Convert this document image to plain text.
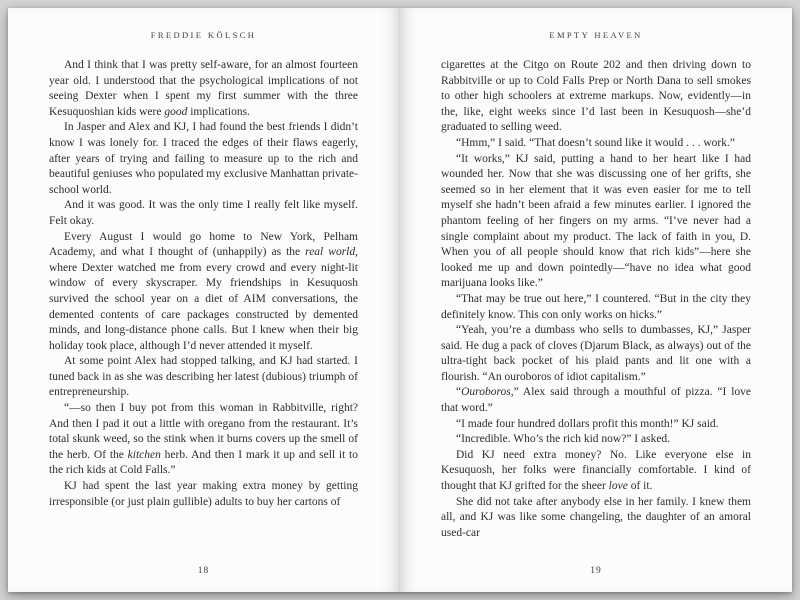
FREDDIE KÖLSCH

And I think that I was pretty self-aware, for an almost fourteen year old. I understood that the psychological implications of not seeing Dexter when I spent my first summer with the three Kesuquoshian kids were good implications.

In Jasper and Alex and KJ, I had found the best friends I didn’t know I was lonely for. I traced the edges of their flaws eagerly, after years of trying and failing to measure up to the rich and beautiful geniuses who populated my exclusive Manhattan private-school world.

And it was good. It was the only time I really felt like myself. Felt okay.

Every August I would go home to New York, Pelham Academy, and what I thought of (unhappily) as the real world, where Dexter watched me from every crowd and every night-lit window of every skyscraper. My friendships in Kesuquosh survived the school year on a diet of AIM conversations, the demented contents of care packages constructed by demented minds, and long-distance phone calls. But I knew when their big holiday took place, although I’d never attended it myself.

At some point Alex had stopped talking, and KJ had started. I tuned back in as she was describing her latest (dubious) triumph of entrepreneurship.

“—so then I buy pot from this woman in Rabbitville, right? And then I pad it out a little with oregano from the restaurant. It’s total skunk weed, so the stink when it burns covers up the smell of the herb. Of the kitchen herb. And then I mark it up and sell it to the rich kids at Cold Falls.”

KJ had spent the last year making extra money by getting irresponsible (or just plain gullible) adults to buy her cartons of

18
EMPTY HEAVEN

cigarettes at the Citgo on Route 202 and then driving down to Rabbitville or up to Cold Falls Prep or North Dana to sell smokes to other high schoolers at extreme markups. Now, evidently—in the, like, eight weeks since I’d last been in Kesuquosh—she’d graduated to selling weed.

“Hmm,” I said. “That doesn’t sound like it would . . . work.”

“It works,” KJ said, putting a hand to her heart like I had wounded her. Now that she was discussing one of her grifts, she seemed so in her element that it was even easier for me to tell myself she hadn’t been afraid a few minutes earlier. I ignored the phantom feeling of her fingers on my arms. “I’ve never had a single complaint about my product. The lack of faith in you, D. When you of all people should know that rich kids”—here she looked me up and down pointedly—“have no idea what good marijuana looks like.”

“That may be true out here,” I countered. “But in the city they definitely know. This con only works on hicks.”

“Yeah, you’re a dumbass who sells to dumbasses, KJ,” Jasper said. He dug a pack of cloves (Djarum Black, as always) out of the ultra-tight back pocket of his plaid pants and lit one with a flourish. “An ouroboros of idiot capitalism.”

“Ouroboros,” Alex said through a mouthful of pizza. “I love that word.”

“I made four hundred dollars profit this month!” KJ said.

“Incredible. Who’s the rich kid now?” I asked.

Did KJ need extra money? No. Like everyone else in Kesuquosh, her folks were financially comfortable. I kind of thought that KJ grifted for the sheer love of it.

She did not take after anybody else in her family. I knew them all, and KJ was like some changeling, the daughter of an amoral used-car

19
